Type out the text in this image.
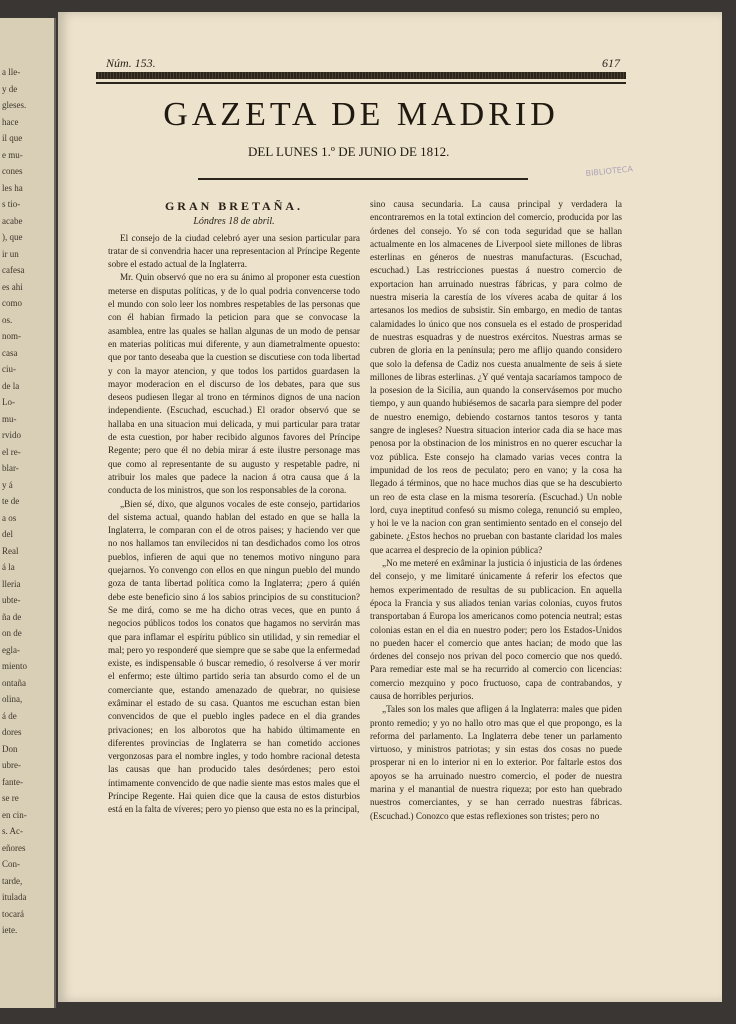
a lle-
y de
gleses.
hace
il que
e mu-
cones
les ha
s tio-
acabe
), que
ir un
cafesa
es ahi
como
os.
nom-
casa
ciu-
de la
Lo-
mu-
rvido
el re-
blar-
y á
te de
a os
del
Real
á la
lleria
ubte-
ña de
on de
egla-
miento
ontaña
olina,
á de
dores
Don
ubre-
fante-
se re
en cin-
s. Ac-
eñores
Con-
tarde,
itulada
tocará
iete.
Núm. 153.	617
GAZETA DE MADRID
DEL LUNES 1.º DE JUNIO DE 1812.
BIBLIOTECA
GRAN BRETAÑA.
Lóndres 18 de abril.

El consejo de la ciudad celebró ayer una sesion particular para tratar de si convendria hacer una representacion al Príncipe Regente sobre el estado actual de la Inglaterra.

Mr. Quin observó que no era su ánimo al proponer esta cuestion meterse en disputas políticas, y de lo qual podria convencerse todo el mundo con solo leer los nombres respetables de las personas que con él habian firmado la peticion para que se convocase la asamblea, entre las quales se hallan algunas de un modo de pensar en materias políticas mui diferente, y aun diametralmente opuesto: que por tanto deseaba que la cuestion se discutiese con toda libertad y con la mayor atencion, y que todos los partidos guardasen la mayor moderacion en el discurso de los debates, para que sus deseos pudiesen llegar al trono en términos dignos de una nacion independiente. (Escuchad, escuchad.) El orador observó que se hallaba en una situacion mui delicada, y mui particular para tratar de esta cuestion, por haber recibido algunos favores del Príncipe Regente; pero que él no debia mirar á este ilustre personage mas que como al representante de su augusto y respetable padre, ni atribuir los males que padece la nacion á otra causa que á la conducta de los ministros, que son los responsables de la corona.

„Bien sé, dixo, que algunos vocales de este consejo, partidarios del sistema actual, quando hablan del estado en que se halla la Inglaterra, le comparan con el de otros paises; y haciendo ver que no nos hallamos tan envilecidos ni tan desdichados como los otros pueblos, infieren de aqui que no tenemos motivo ninguno para quejarnos. Yo convengo con ellos en que ningun pueblo del mundo goza de tanta libertad política como la Inglaterra; ¿pero á quién debe este beneficio sino á los sabios principios de su constitucion? Se me dirá, como se me ha dicho otras veces, que en punto á negocios públicos todos los conatos que hagamos no servirán mas que para inflamar el espíritu público sin utilidad, y sin remediar el mal; pero yo responderé que siempre que se sabe que la enfermedad existe, es indispensable ó buscar remedio, ó resolverse á ver morir el enfermo; este último partido seria tan absurdo como el de un comerciante que, estando amenazado de quebrar, no quisiese exâminar el estado de su casa. Quantos me escuchan estan bien convencidos de que el pueblo ingles padece en el dia grandes privaciones; en los alborotos que ha habido últimamente en diferentes provincias de Inglaterra se han cometido acciones vergonzosas para el nombre ingles, y todo hombre racional detesta las causas que han producido tales desórdenes; pero estoi íntimamente convencido de que nadie siente mas estos males que el Príncipe Regente. Hai quien dice que la causa de estos disturbios está en la falta de víveres; pero yo pienso que esta no es la principal,

sino causa secundaria. La causa principal y verdadera la encontraremos en la total extincion del comercio, producida por las órdenes del consejo. Yo sé con toda seguridad que se hallan actualmente en los almacenes de Liverpool siete millones de libras esterlinas en géneros de nuestras manufacturas. (Escuchad, escuchad.) Las restricciones puestas á nuestro comercio de exportacion han arruinado nuestras fábricas, y para colmo de nuestra miseria la carestía de los víveres acaba de quitar á los artesanos los medios de subsistir. Sin embargo, en medio de tantas calamidades lo único que nos consuela es el estado de prosperidad de nuestras esquadras y de nuestros exércitos. Nuestras armas se cubren de gloria en la península; pero me aflijo quando considero que solo la defensa de Cadiz nos cuesta anualmente de seis á siete millones de libras esterlinas. ¿Y qué ventaja sacaríamos tampoco de la posesion de la Sicilia, aun quando la conservásemos por mucho tiempo, y aun quando hubiésemos de sacarla para siempre del poder de nuestro enemigo, debiendo costarnos tantos tesoros y tanta sangre de ingleses? Nuestra situacion interior cada dia se hace mas penosa por la obstinacion de los ministros en no querer escuchar la voz pública. Este consejo ha clamado varias veces contra la impunidad de los reos de peculato; pero en vano; y la cosa ha llegado á términos, que no hace muchos dias que se ha descubierto un reo de esta clase en la misma tesorería. (Escuchad.) Un noble lord, cuya ineptitud confesó su mismo colega, renunció su empleo, y hoi le ve la nacion con gran sentimiento sentado en el consejo del gabinete. ¿Estos hechos no prueban con bastante claridad los males que acarrea el desprecio de la opinion pública?

„No me meteré en exâminar la justicia ó injusticia de las órdenes del consejo, y me limitaré únicamente á referir los efectos que hemos experimentado de resultas de su publicacion. En aquella época la Francia y sus aliados tenian varias colonias, cuyos frutos transportaban á Europa los americanos como potencia neutral; estas colonias estan en el dia en nuestro poder; pero los Estados-Unidos no pueden hacer el comercio que antes hacian; de modo que las órdenes del consejo nos privan del poco comercio que nos quedó. Para remediar este mal se ha recurrido al comercio con licencias: comercio mezquino y poco fructuoso, capa de contrabandos, y causa de horribles perjurios.

„Tales son los males que afligen á la Inglaterra: males que piden pronto remedio; y yo no hallo otro mas que el que propongo, es la reforma del parlamento. La Inglaterra debe tener un parlamento virtuoso, y ministros patriotas; y sin estas dos cosas no puede prosperar ni en lo interior ni en lo exterior. Por faltarle estos dos apoyos se ha arruinado nuestro comercio, el poder de nuestra marina y el manantial de nuestra riqueza; por esto han quebrado nuestros comerciantes, y se han cerrado nuestras fábricas. (Escuchad.) Conozco que estas reflexiones son tristes; pero no
